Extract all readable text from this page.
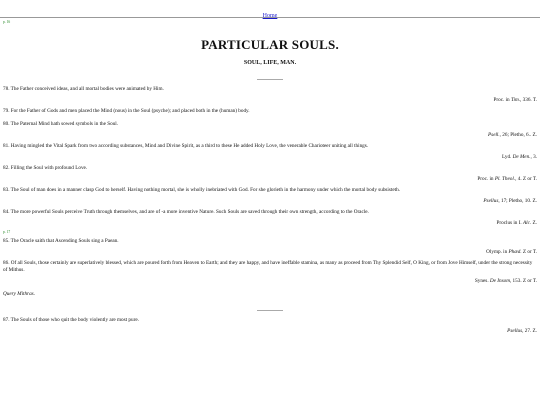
Home
p. 16
PARTICULAR SOULS.
SOUL, LIFE, MAN.

78. The Father conceived ideas, and all mortal bodies were animated by Him.

Proc. in Tim., 336. T.

79. For the Father of Gods and men placed the Mind (nous) in the Soul (psyche); and placed both in the (human) body.

80. The Paternal Mind hath sowed symbols in the Soul.

Psell., 26; Pletho, 6.. Z.

81. Having mingled the Vital Spark from two according substances, Mind and Divine Spirit, as a third to these He added Holy Love, the venerable Charioteer uniting all things.

Lyd. De Men., 3.

82. Filling the Soul with profound Love.

Proc. in Pl. Theol., 4. Z or T.

83. The Soul of man does in a manner clasp God to herself. Having nothing mortal, she is wholly inebriated with God. For she glorieth in the harmony under which the mortal body subsisteth.

Psellus, 17; Pletho, 10. Z.

84. The more powerful Souls perceive Truth through themselves, and are of -a more inventive Nature. Such Souls are saved through their own strength, according to the Oracle.

Proclus in I. Alc. Z.
p. 17

85. The Oracle saith that Ascending Souls sing a Paean.

Olymp. in Phæd. Z or T.

86. Of all Souls, those certainly are superlatively blessed, which are poured forth from Heaven to Earth; and they are happy, and have ineffable stamina, as many as proceed from Thy Splendid Self, O King, or from Jove Himself, under the strong necessity of Mithus.

Synes. De Insom, 153. Z or T.
Query Mithras.

87. The Souls of those who quit the body violently are most pure.

Psellus, 27. Z.
